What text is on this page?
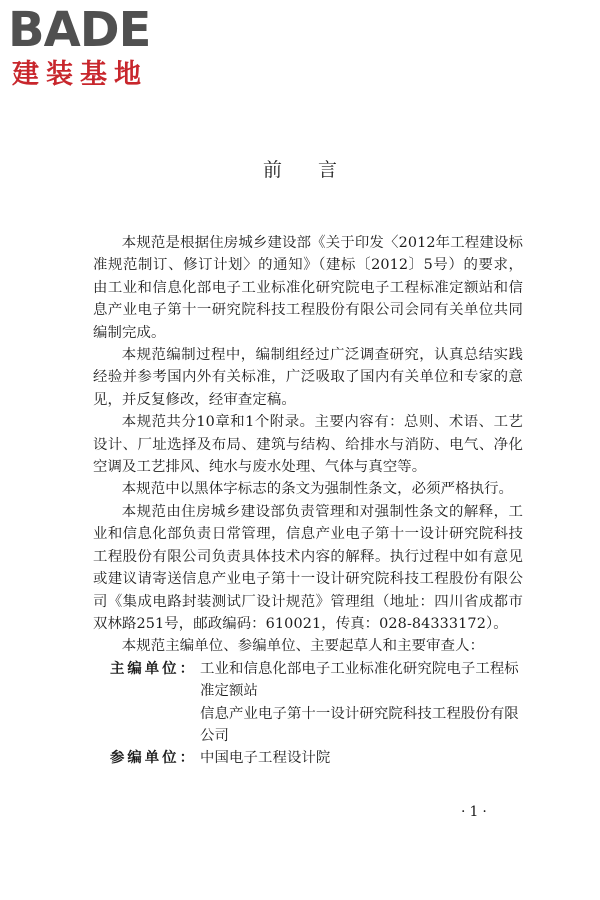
BADE
建装基地
前言

本规范是根据住房城乡建设部《关于印发〈2012年工程建设标准规范制订、修订计划〉的通知》（建标〔2012〕5号）的要求，由工业和信息化部电子工业标准化研究院电子工程标准定额站和信息产业电子第十一研究院科技工程股份有限公司会同有关单位共同编制完成。

本规范编制过程中，编制组经过广泛调查研究，认真总结实践经验并参考国内外有关标准，广泛吸取了国内有关单位和专家的意见，并反复修改，经审查定稿。

本规范共分10章和1个附录。主要内容有：总则、术语、工艺设计、厂址选择及布局、建筑与结构、给排水与消防、电气、净化空调及工艺排风、纯水与废水处理、气体与真空等。

本规范中以黑体字标志的条文为强制性条文，必须严格执行。

本规范由住房城乡建设部负责管理和对强制性条文的解释，工业和信息化部负责日常管理，信息产业电子第十一设计研究院科技工程股份有限公司负责具体技术内容的解释。执行过程中如有意见或建议请寄送信息产业电子第十一设计研究院科技工程股份有限公司《集成电路封装测试厂设计规范》管理组（地址：四川省成都市双林路251号，邮政编码：610021，传真：028-84333172）。

本规范主编单位、参编单位、主要起草人和主要审查人：

主编单位： 工业和信息化部电子工业标准化研究院电子工程标准定额站
信息产业电子第十一设计研究院科技工程股份有限公司
参编单位： 中国电子工程设计院
·1·
